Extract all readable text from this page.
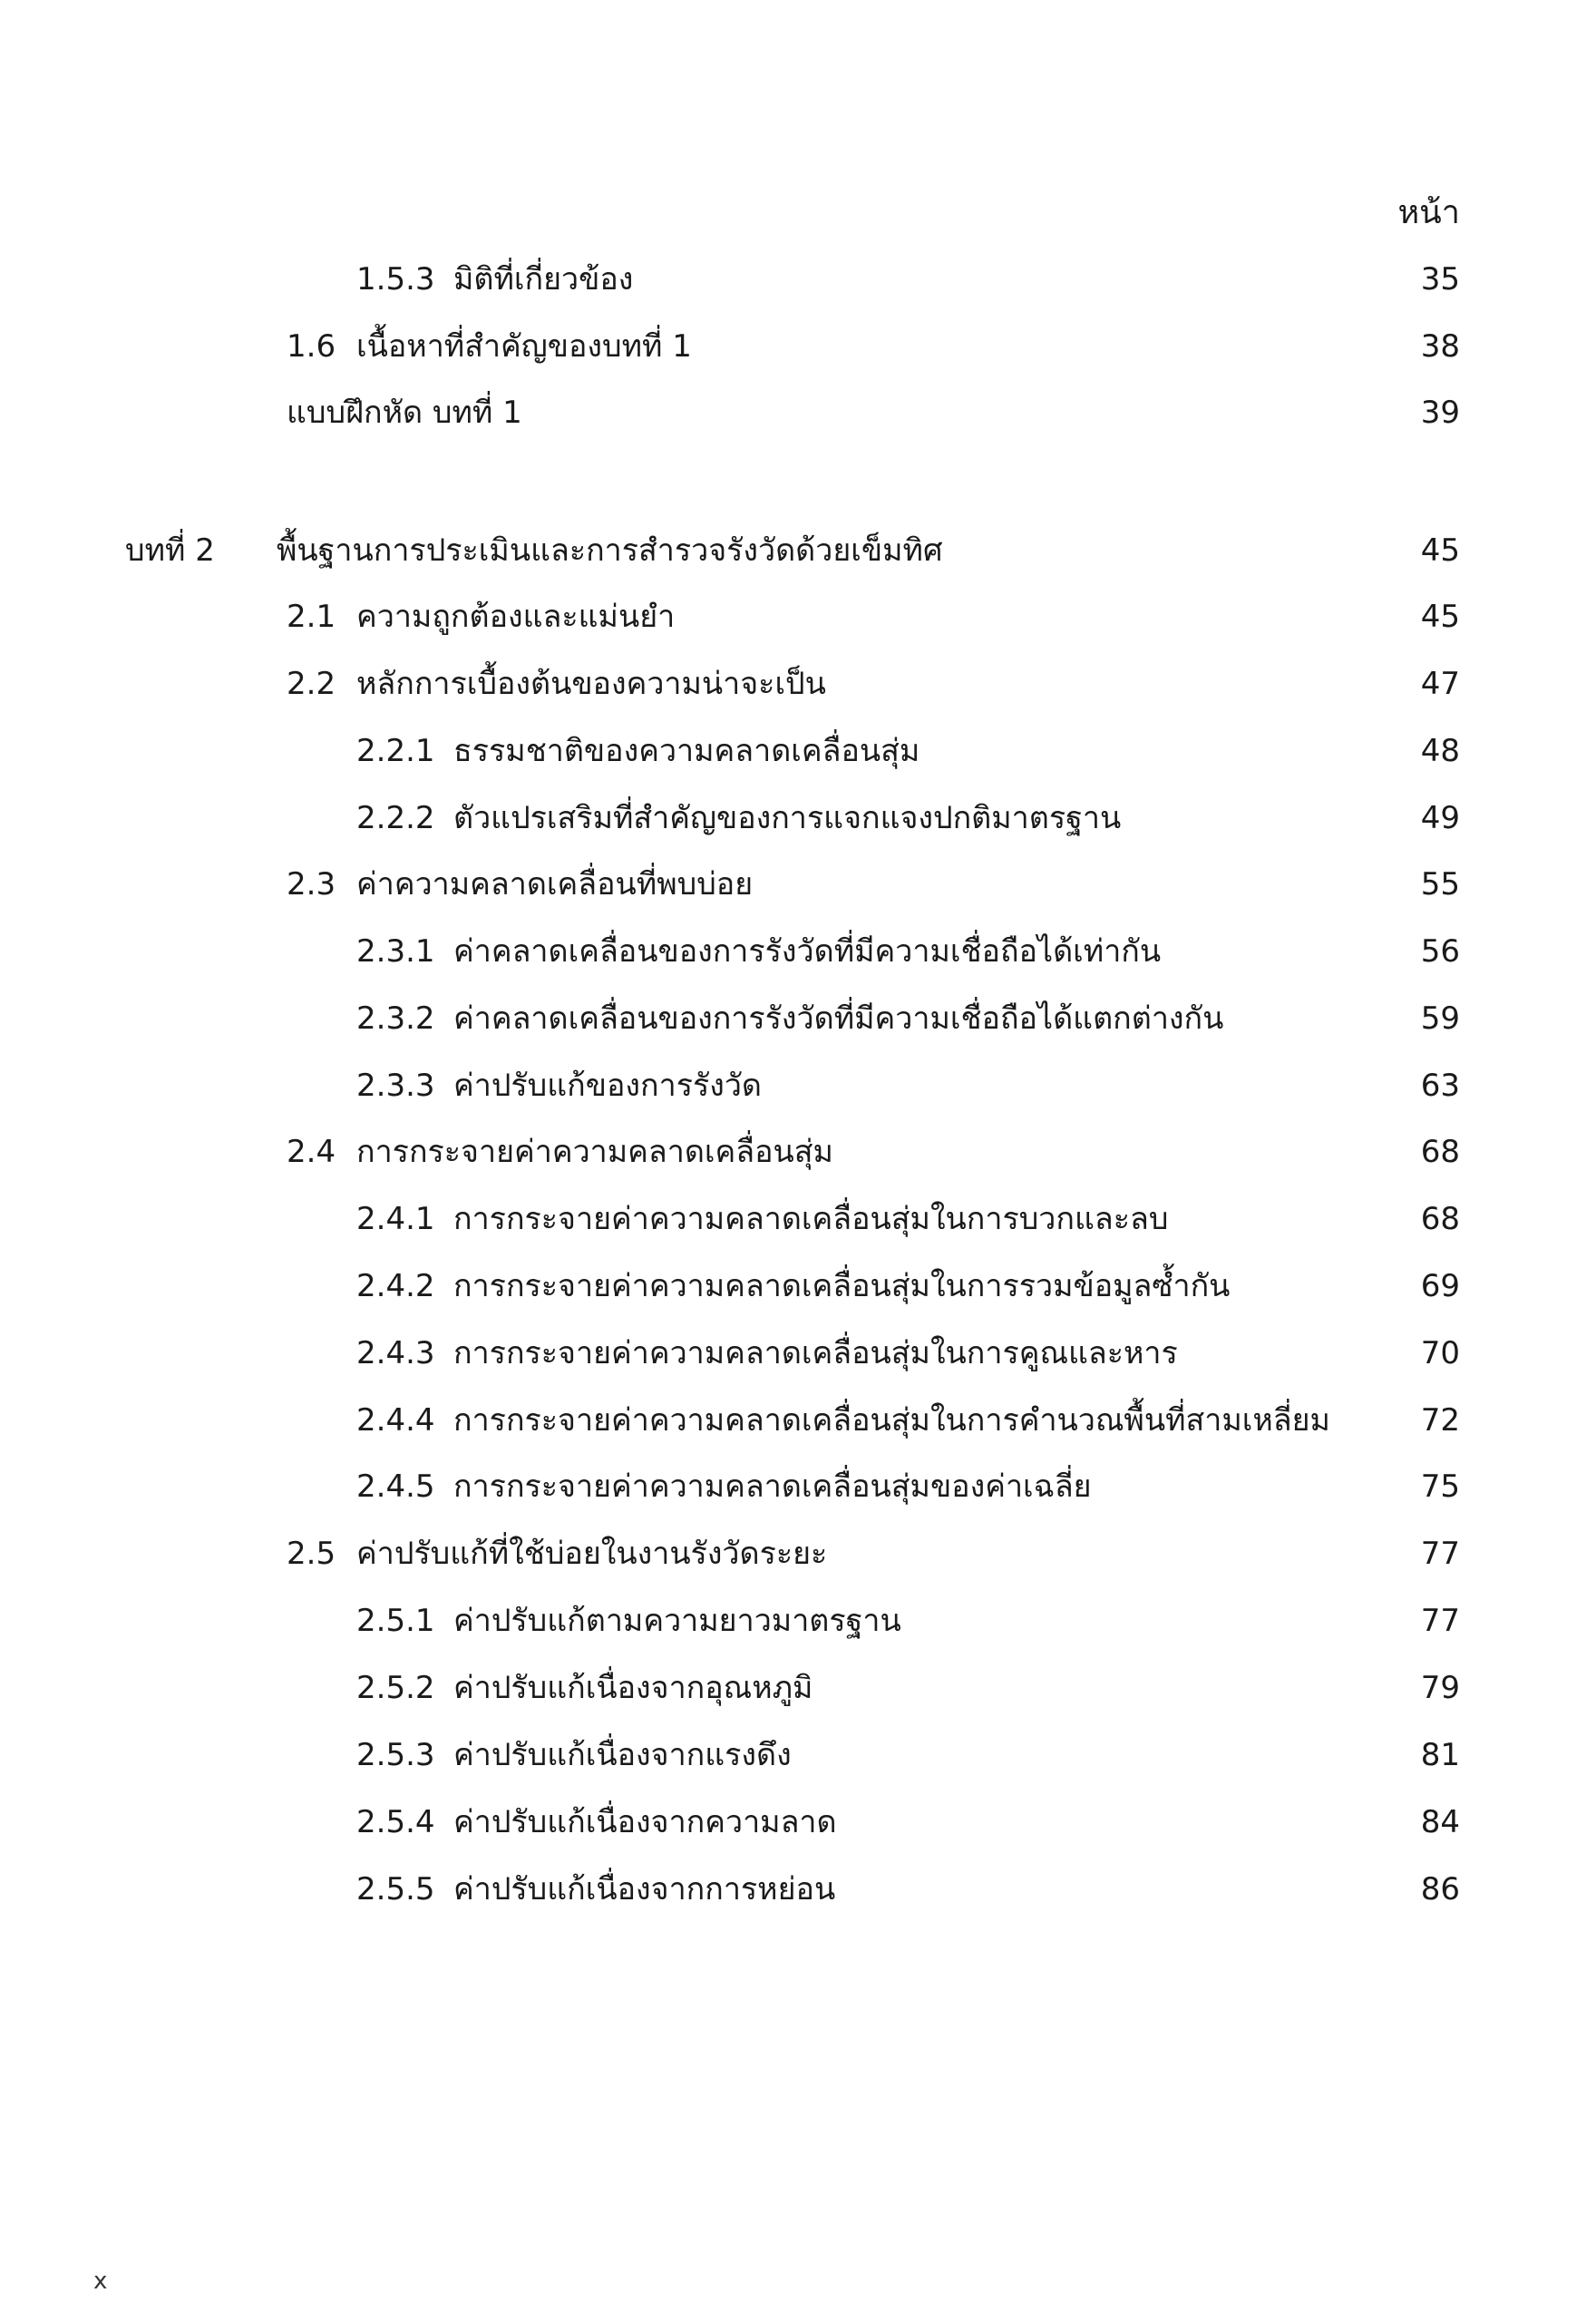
หน้า
1.5.3 มิติที่เกี่ยวข้อง	35
1.6 เนื้อหาที่สำคัญของบทที่ 1	38
แบบฝึกหัด บทที่ 1	39
บทที่ 2 พื้นฐานการประเมินและการสำรวจรังวัดด้วยเข็มทิศ	45
2.1 ความถูกต้องและแม่นยำ	45
2.2 หลักการเบื้องต้นของความน่าจะเป็น	47
2.2.1 ธรรมชาติของความคลาดเคลื่อนสุ่ม	48
2.2.2 ตัวแปรเสริมที่สำคัญของการแจกแจงปกติมาตรฐาน	49
2.3 ค่าความคลาดเคลื่อนที่พบบ่อย	55
2.3.1 ค่าคลาดเคลื่อนของการรังวัดที่มีความเชื่อถือได้เท่ากัน	56
2.3.2 ค่าคลาดเคลื่อนของการรังวัดที่มีความเชื่อถือได้แตกต่างกัน	59
2.3.3 ค่าปรับแก้ของการรังวัด	63
2.4 การกระจายค่าความคลาดเคลื่อนสุ่ม	68
2.4.1 การกระจายค่าความคลาดเคลื่อนสุ่มในการบวกและลบ	68
2.4.2 การกระจายค่าความคลาดเคลื่อนสุ่มในการรวมข้อมูลซ้ำกัน	69
2.4.3 การกระจายค่าความคลาดเคลื่อนสุ่มในการคูณและหาร	70
2.4.4 การกระจายค่าความคลาดเคลื่อนสุ่มในการคำนวณพื้นที่สามเหลี่ยม	72
2.4.5 การกระจายค่าความคลาดเคลื่อนสุ่มของค่าเฉลี่ย	75
2.5 ค่าปรับแก้ที่ใช้บ่อยในงานรังวัดระยะ	77
2.5.1 ค่าปรับแก้ตามความยาวมาตรฐาน	77
2.5.2 ค่าปรับแก้เนื่องจากอุณหภูมิ	79
2.5.3 ค่าปรับแก้เนื่องจากแรงดึง	81
2.5.4 ค่าปรับแก้เนื่องจากความลาด	84
2.5.5 ค่าปรับแก้เนื่องจากการหย่อน	86
x
